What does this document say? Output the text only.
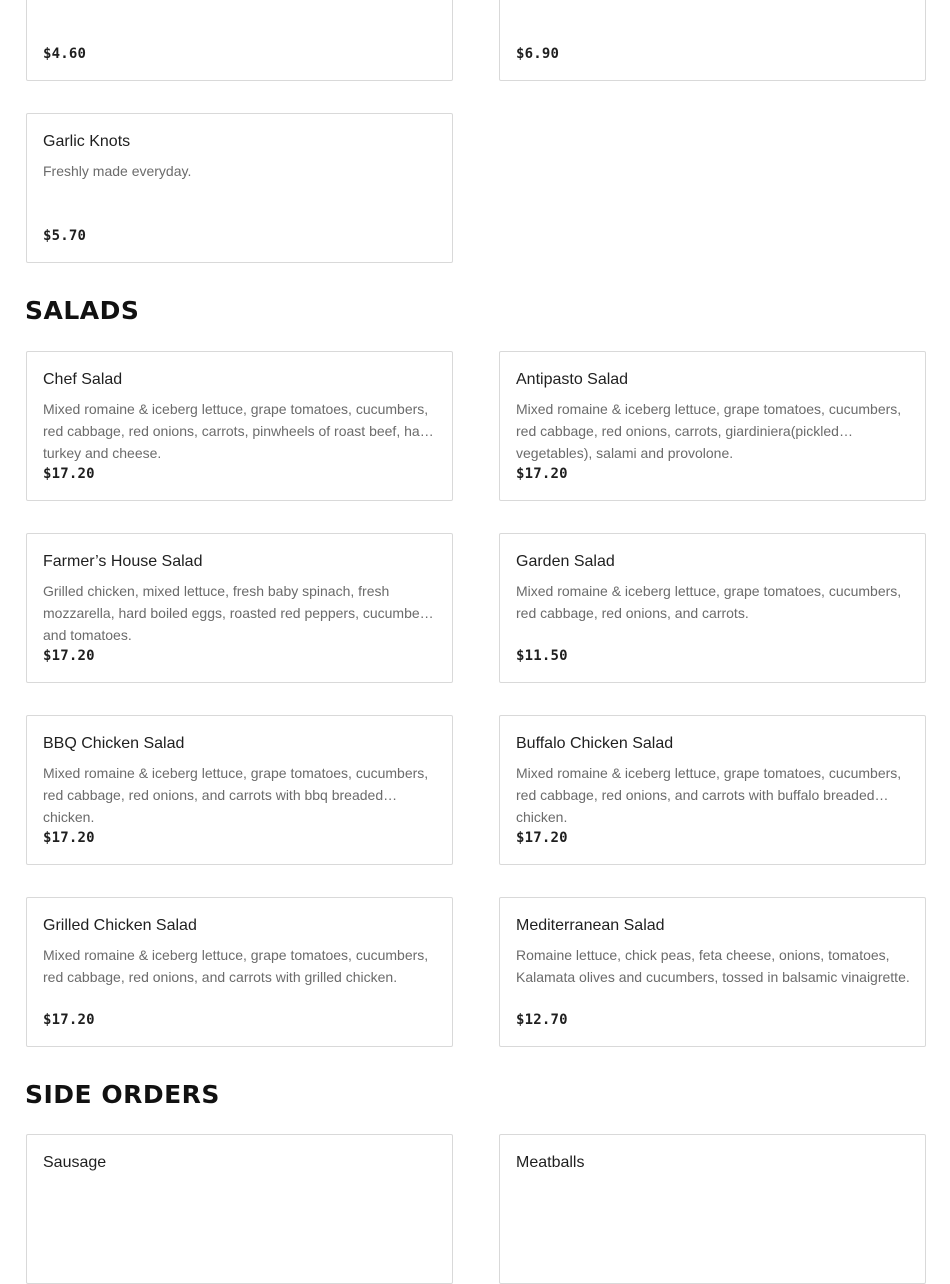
$4.60	$6.90
Garlic Knots
Freshly made everyday.
$5.70
SALADS
Chef Salad
Mixed romaine & iceberg lettuce, grape tomatoes, cucumbers, red cabbage, red onions, carrots, pinwheels of roast beef, ham, turkey and cheese.
$17.20
Antipasto Salad
Mixed romaine & iceberg lettuce, grape tomatoes, cucumbers, red cabbage, red onions, carrots, giardiniera(pickled vegetables), salami and provolone.
$17.20
Farmer’s House Salad
Grilled chicken, mixed lettuce, fresh baby spinach, fresh mozzarella, hard boiled eggs, roasted red peppers, cucumbers and tomatoes.
$17.20
Garden Salad
Mixed romaine & iceberg lettuce, grape tomatoes, cucumbers, red cabbage, red onions, and carrots.
$11.50
BBQ Chicken Salad
Mixed romaine & iceberg lettuce, grape tomatoes, cucumbers, red cabbage, red onions, and carrots with bbq breaded chicken.
$17.20
Buffalo Chicken Salad
Mixed romaine & iceberg lettuce, grape tomatoes, cucumbers, red cabbage, red onions, and carrots with buffalo breaded chicken.
$17.20
Grilled Chicken Salad
Mixed romaine & iceberg lettuce, grape tomatoes, cucumbers, red cabbage, red onions, and carrots with grilled chicken.
$17.20
Mediterranean Salad
Romaine lettuce, chick peas, feta cheese, onions, tomatoes, Kalamata olives and cucumbers, tossed in balsamic vinaigrette.
$12.70
SIDE ORDERS
Sausage	Meatballs
